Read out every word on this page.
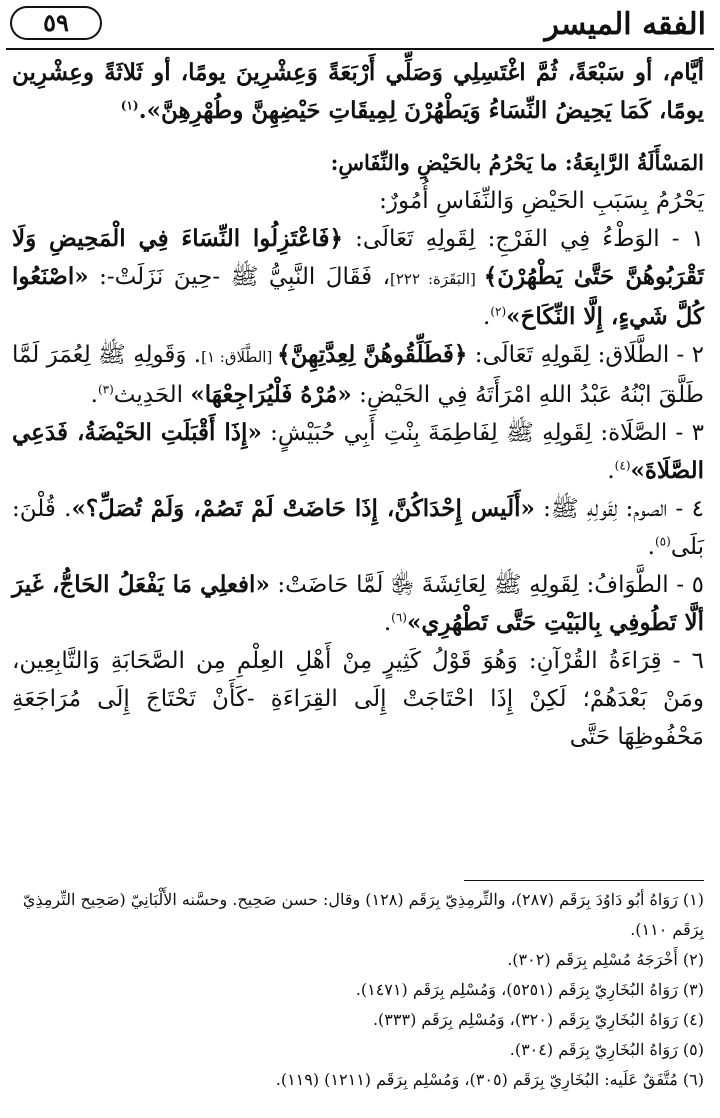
الفقه الميسر
٥٩

أيَّام، أو سَبْعَةً، ثُمَّ اغْتَسِلِي وَصَلِّي أَرْبَعَةً وَعِشْرِينَ يومًا، أو ثَلاثَةً وعِشْرِين يومًا، كَمَا يَحِيضُ النِّسَاءُ وَيَطْهُرْنَ لِمِيقَاتِ حَيْضِهِنَّ وطُهْرِهِنَّ».$^{(١)}$

المَسْأَلَةُ الرَّابِعَةُ: ما يَحْرُمُ بالحَيْضِ والنِّفَاسِ:

يَحْرُمُ بِسَبَبِ الحَيْضِ وَالنِّفَاسِ أُمُورٌ:

١ - الوَطْءُ فِي الفَرْجِ: لِقَولِهِ تَعَالَى: ﴿فَاعْتَزِلُوا النِّسَاءَ فِي الْمَحِيضِ وَلَا تَقْرَبُوهُنَّ حَتَّىٰ يَطْهُرْنَ﴾ [البَقَرَة: ٢٢٢]، فَقَالَ النَّبِيُّ ﷺ -حِينَ نَزَلَتْ-: «اصْنَعُوا كُلَّ شَيءٍ، إِلَّا النِّكَاحَ»$^{(٢)}$.

٢ - الطَّلَاق: لِقَولِهِ تَعَالَى: ﴿فَطَلِّقُوهُنَّ لِعِدَّتِهِنَّ﴾ [الطَّلَاق: ١]. وَقَولِهِ ﷺ لِعُمَرَ لَمَّا طَلَّقَ ابْنُهُ عَبْدُ اللهِ امْرَأَتَهُ فِي الحَيْضِ: «مُرْهُ فَلْيُرَاجِعْهَا» الحَدِيث$^{(٣)}$.

٣ - الصَّلَاة: لِقَولِهِ ﷺ لِفَاطِمَةَ بِنْتِ أَبِي حُبَيْشٍ: «إِذَا أَقْبَلَتِ الحَيْضَةُ، فَدَعِي الصَّلَاةَ»$^{(٤)}$.

٤ - الصوم: لِقَولِهِ ﷺ: «أَلَيس إِحْدَاكُنَّ، إِذَا حَاضَتْ لَمْ تَصُمْ، وَلَمْ تُصَلِّ؟». قُلْنَ: بَلَى$^{(٥)}$.

٥ - الطَّوَافُ: لِقَولِهِ ﷺ لِعَائِشَةَ ﵂ لَمَّا حَاضَتْ: «افعلِي مَا يَفْعَلُ الحَاجُّ، غَيرَ ألَّا تَطُوفِي بِالبَيْتِ حَتَّى تَطْهُرِي»$^{(٦)}$.

٦ - قِرَاءَةُ القُرْآنِ: وَهُوَ قَوْلُ كَثِيرٍ مِنْ أَهْلِ العِلْمِ مِن الصَّحَابَةِ وَالتَّابِعِين، ومَنْ بَعْدَهُمْ؛ لَكِنْ إِذَا احْتَاجَتْ إِلَى القِرَاءَةِ -كَأَنْ تَحْتَاجَ إِلَى مُرَاجَعَةِ مَحْفُوظِهَا حَتَّى

(١) رَوَاهُ أبُو دَاوُدَ بِرَقَم (٢٨٧)، والتِّرمِذِيّ بِرَقَم (١٢٨) وقال: حسن صَحِيح. وحسَّنه الأَلْبَانِيّ (صَحِيح التِّرمِذِيّ بِرَقَم ١١٠).

(٢) أَخْرَجَهُ مُسْلِم بِرَقَم (٣٠٢).

(٣) رَوَاهُ البُخَارِيّ بِرَقَم (٥٢٥١)، وَمُسْلِم بِرَقَم (١٤٧١).

(٤) رَوَاهُ البُخَارِيّ بِرَقَم (٣٢٠)، وَمُسْلِم بِرَقَم (٣٣٣).

(٥) رَوَاهُ البُخَارِيّ بِرَقَم (٣٠٤).

(٦) مُتَّفَقٌ عَلَيه: البُخَارِيّ بِرَقَم (٣٠٥)، وَمُسْلِم بِرَقَم (١٢١١) (١١٩).
